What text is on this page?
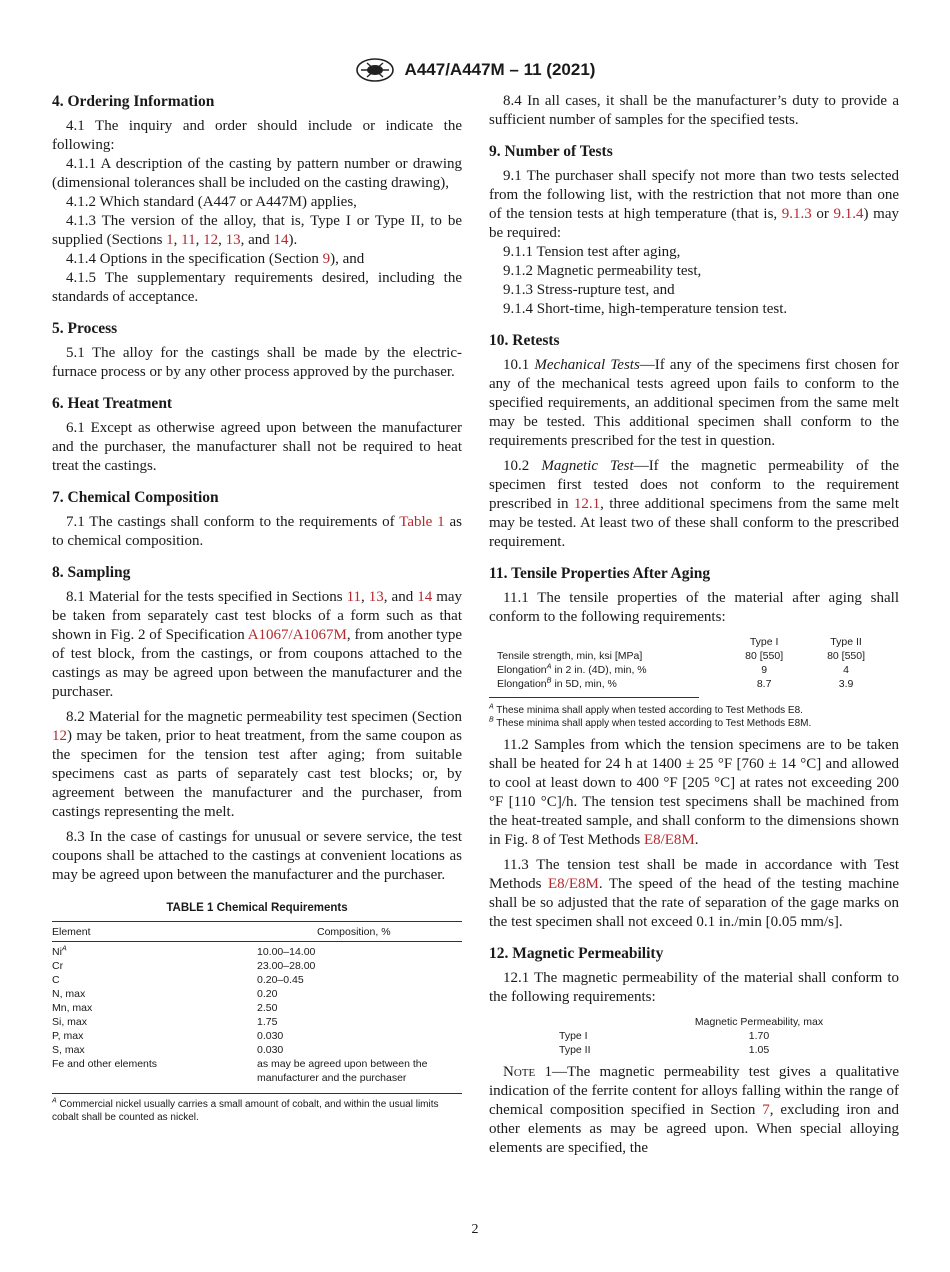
A447/A447M – 11 (2021)
4. Ordering Information

4.1 The inquiry and order should include or indicate the following:

4.1.1 A description of the casting by pattern number or drawing (dimensional tolerances shall be included on the casting drawing),

4.1.2 Which standard (A447 or A447M) applies,

4.1.3 The version of the alloy, that is, Type I or Type II, to be supplied (Sections 1, 11, 12, 13, and 14).

4.1.4 Options in the specification (Section 9), and

4.1.5 The supplementary requirements desired, including the standards of acceptance.

5. Process

5.1 The alloy for the castings shall be made by the electric-furnace process or by any other process approved by the purchaser.

6. Heat Treatment

6.1 Except as otherwise agreed upon between the manufacturer and the purchaser, the manufacturer shall not be required to heat treat the castings.

7. Chemical Composition

7.1 The castings shall conform to the requirements of Table 1 as to chemical composition.

8. Sampling

8.1 Material for the tests specified in Sections 11, 13, and 14 may be taken from separately cast test blocks of a form such as that shown in Fig. 2 of Specification A1067/A1067M, from another type of test block, from the castings, or from coupons attached to the castings as may be agreed upon between the manufacturer and the purchaser.

8.2 Material for the magnetic permeability test specimen (Section 12) may be taken, prior to heat treatment, from the same coupon as the specimen for the tension test after aging; from suitable specimens cast as parts of separately cast test blocks; or, by agreement between the manufacturer and the purchaser, from castings representing the melt.

8.3 In the case of castings for unusual or severe service, the test coupons shall be attached to the castings at convenient locations as may be agreed upon between the manufacturer and the purchaser.

TABLE 1 Chemical Requirements
Element	Composition, %
$Ni^A$	10.00–14.00
Cr	23.00–28.00
C	0.20–0.45
N, max	0.20
Mn, max	2.50
Si, max	1.75
P, max	0.030
S, max	0.030
Fe and other elements	as may be agreed upon between the manufacturer and the purchaser
$^A$ Commercial nickel usually carries a small amount of cobalt, and within the usual limits cobalt shall be counted as nickel.

8.4 In all cases, it shall be the manufacturer’s duty to provide a sufficient number of samples for the specified tests.

9. Number of Tests

9.1 The purchaser shall specify not more than two tests selected from the following list, with the restriction that not more than one of the tension tests at high temperature (that is, 9.1.3 or 9.1.4) may be required:

9.1.1 Tension test after aging,

9.1.2 Magnetic permeability test,

9.1.3 Stress-rupture test, and

9.1.4 Short-time, high-temperature tension test.

10. Retests

10.1 Mechanical Tests—If any of the specimens first chosen for any of the mechanical tests agreed upon fails to conform to the specified requirements, an additional specimen from the same melt may be tested. This additional specimen shall conform to the requirements prescribed for the test in question.

10.2 Magnetic Test—If the magnetic permeability of the specimen first tested does not conform to the requirement prescribed in 12.1, three additional specimens from the same melt may be tested. At least two of these shall conform to the prescribed requirement.

11. Tensile Properties After Aging

11.1 The tensile properties of the material after aging shall conform to the following requirements:

	Type I	Type II
Tensile strength, min, ksi [MPa]	80 [550]	80 [550]
Elongation$^A$ in 2 in. (4D), min, %	9	4
Elongation$^B$ in 5D, min, %	8.7	3.9
$^A$ These minima shall apply when tested according to Test Methods E8.
$^B$ These minima shall apply when tested according to Test Methods E8M.

11.2 Samples from which the tension specimens are to be taken shall be heated for 24 h at 1400 ± 25 °F [760 ± 14 °C] and allowed to cool at least down to 400 °F [205 °C] at rates not exceeding 200 °F [110 °C]/h. The tension test specimens shall be machined from the heat-treated sample, and shall conform to the dimensions shown in Fig. 8 of Test Methods E8/E8M.

11.3 The tension test shall be made in accordance with Test Methods E8/E8M. The speed of the head of the testing machine shall be so adjusted that the rate of separation of the gage marks on the test specimen shall not exceed 0.1 in./min [0.05 mm/s].

12. Magnetic Permeability

12.1 The magnetic permeability of the material shall conform to the following requirements:

	Magnetic Permeability, max
Type I	1.70
Type II	1.05

Note 1—The magnetic permeability test gives a qualitative indication of the ferrite content for alloys falling within the range of chemical composition specified in Section 7, excluding iron and other elements as may be agreed upon. When special alloying elements are specified, the

2
